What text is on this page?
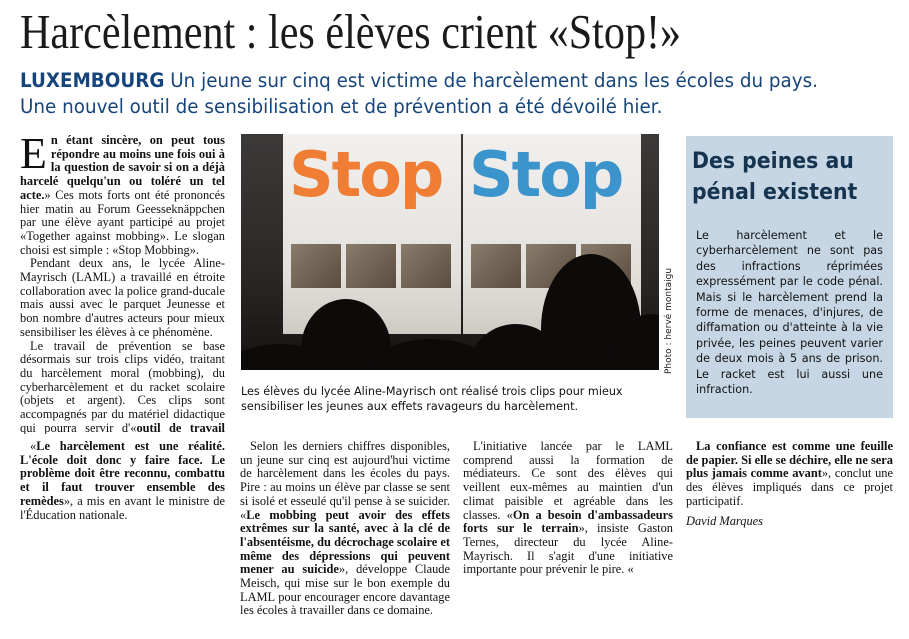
Harcèlement : les élèves crient «Stop!»
LUXEMBOURG Un jeune sur cinq est victime de harcèlement dans les écoles du pays. Une nouvel outil de sensibilisation et de prévention a été dévoilé hier.

En étant sincère, on peut tous répondre au moins une fois oui à la question de savoir si on a déjà harcelé quelqu'un ou toléré un tel acte.» Ces mots forts ont été prononcés hier matin au Forum Geesseknäppchen par une élève ayant participé au projet «Together against mobbing». Le slogan choisi est simple : «Stop Mobbing».

Pendant deux ans, le lycée Aline-Mayrisch (LAML) a travaillé en étroite collaboration avec la police grand-ducale mais aussi avec le parquet Jeunesse et bon nombre d'autres acteurs pour mieux sensibiliser les élèves à ce phénomène.

Le travail de prévention se base désormais sur trois clips vidéo, traitant du harcèlement moral (mobbing), du cyberharcèlement et du racket scolaire (objets et argent). Ces clips sont accompagnés par du matériel didactique qui pourra servir d'«outil de travail

Stop Stop
Photo : hervé montaigu
Les élèves du lycée Aline-Mayrisch ont réalisé trois clips pour mieux sensibiliser les jeunes aux effets ravageurs du harcèlement.
Des peines au
pénal existent
Le harcèlement et le cyberharcèlement ne sont pas des infractions réprimées expressément par le code pénal. Mais si le harcèlement prend la forme de menaces, d'injures, de diffamation ou d'atteinte à la vie privée, les peines peuvent varier de deux mois à 5 ans de prison. Le racket est lui aussi une infraction.

«Le harcèlement est une réalité. L'école doit donc y faire face. Le problème doit être reconnu, combattu et il faut trouver ensemble des remèdes», a mis en avant le ministre de l'Éducation nationale.

Selon les derniers chiffres disponibles, un jeune sur cinq est aujourd'hui victime de harcèlement dans les écoles du pays. Pire : au moins un élève par classe se sent si isolé et esseulé qu'il pense à se suicider. «Le mobbing peut avoir des effets extrêmes sur la santé, avec à la clé de l'absentéisme, du décrochage scolaire et même des dépressions qui peuvent mener au suicide», développe Claude Meisch, qui mise sur le bon exemple du LAML pour encourager encore davantage les écoles à travailler dans ce domaine.

L'initiative lancée par le LAML comprend aussi la formation de médiateurs. Ce sont des élèves qui veillent eux-mêmes au maintien d'un climat paisible et agréable dans les classes. «On a besoin d'ambassadeurs forts sur le terrain», insiste Gaston Ternes, directeur du lycée Aline-Mayrisch. Il s'agit d'une initiative importante pour prévenir le pire. «

La confiance est comme une feuille de papier. Si elle se déchire, elle ne sera plus jamais comme avant», conclut une des élèves impliqués dans ce projet participatif.

David Marques
